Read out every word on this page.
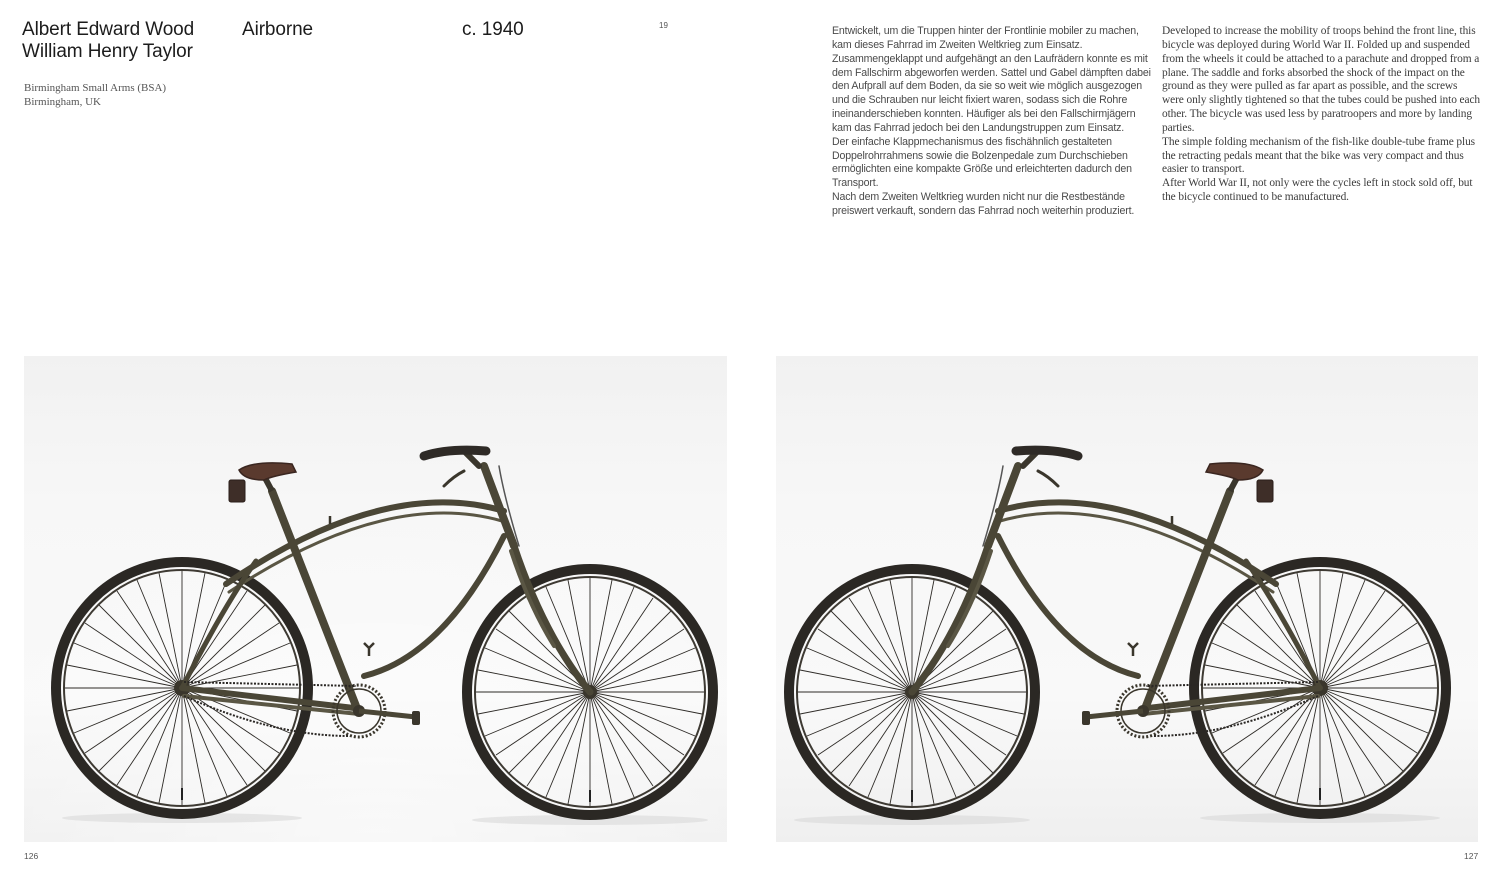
Albert Edward Wood
William Henry Taylor
Airborne	c. 1940	19
Birmingham Small Arms (BSA)
Birmingham, UK

Entwickelt, um die Truppen hinter der Frontlinie mobiler zu machen, kam dieses Fahrrad im Zweiten Weltkrieg zum Einsatz. Zusammengeklappt und aufgehängt an den Laufrädern konnte es mit dem Fallschirm abgeworfen werden. Sattel und Gabel dämpften dabei den Aufprall auf dem Boden, da sie so weit wie möglich ausgezogen und die Schrauben nur leicht fixiert waren, sodass sich die Rohre ineinanderschieben konnten. Häufiger als bei den Fallschirmjägern kam das Fahrrad jedoch bei den Landungstruppen zum Einsatz.

Der einfache Klappmechanismus des fischähnlich gestalteten Doppelrohrrahmens sowie die Bolzenpedale zum Durchschieben ermöglichten eine kompakte Größe und erleichterten dadurch den Transport.

Nach dem Zweiten Weltkrieg wurden nicht nur die Restbestände preiswert verkauft, sondern das Fahrrad noch weiterhin produziert.

Developed to increase the mobility of troops behind the front line, this bicycle was deployed during World War II. Folded up and suspended from the wheels it could be attached to a parachute and dropped from a plane. The saddle and forks absorbed the shock of the impact on the ground as they were pulled as far apart as possible, and the screws were only slightly tightened so that the tubes could be pushed into each other. The bicycle was used less by paratroopers and more by landing parties.

The simple folding mechanism of the fish-like double-tube frame plus the retracting pedals meant that the bike was very compact and thus easier to transport.

After World War II, not only were the cycles left in stock sold off, but the bicycle continued to be manufactured.

126	127
